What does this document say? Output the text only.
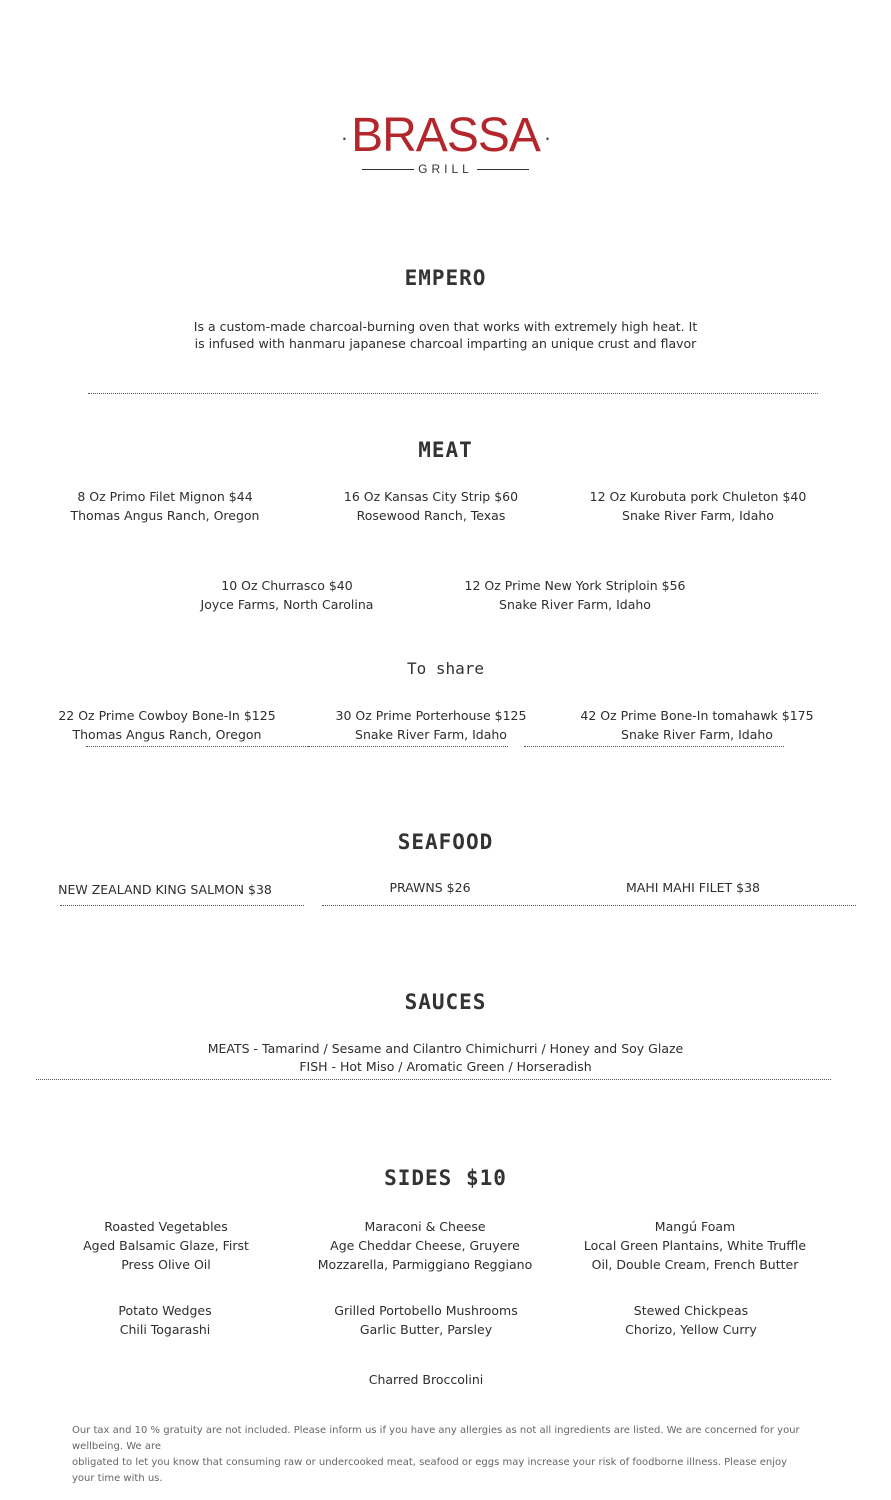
·BRASSA ·
GRILL
EMPERO
Is a custom-made charcoal-burning oven that works with extremely high heat. It
is infused with hanmaru japanese charcoal imparting an unique crust and flavor
MEAT
8 Oz Primo Filet Mignon $44
Thomas Angus Ranch, Oregon
16 Oz Kansas City Strip $60
Rosewood Ranch, Texas
12 Oz Kurobuta pork Chuleton $40
Snake River Farm, Idaho
10 Oz Churrasco $40
Joyce Farms, North Carolina
12 Oz Prime New York Striploin $56
Snake River Farm, Idaho
To share
22 Oz Prime Cowboy Bone-In $125
Thomas Angus Ranch, Oregon
30 Oz Prime Porterhouse $125
Snake River Farm, Idaho
42 Oz Prime Bone-In tomahawk $175
Snake River Farm, Idaho
SEAFOOD
NEW ZEALAND KING SALMON $38	PRAWNS $26	MAHI MAHI FILET $38
SAUCES
MEATS - Tamarind / Sesame and Cilantro Chimichurri / Honey and Soy Glaze
FISH - Hot Miso / Aromatic Green / Horseradish
SIDES $10
Roasted Vegetables
Aged Balsamic Glaze, First
Press Olive Oil
Maraconi & Cheese
Age Cheddar Cheese, Gruyere
Mozzarella, Parmiggiano Reggiano
Mangú Foam
Local Green Plantains, White Truffle
Oil, Double Cream, French Butter
Potato Wedges
Chili Togarashi
Grilled Portobello Mushrooms
Garlic Butter, Parsley
Stewed Chickpeas
Chorizo, Yellow Curry
Charred Broccolini
Our tax and 10 % gratuity are not included. Please inform us if you have any allergies as not all ingredients are listed. We are concerned for your wellbeing. We are
obligated to let you know that consuming raw or undercooked meat, seafood or eggs may increase your risk of foodborne illness. Please enjoy your time with us.
